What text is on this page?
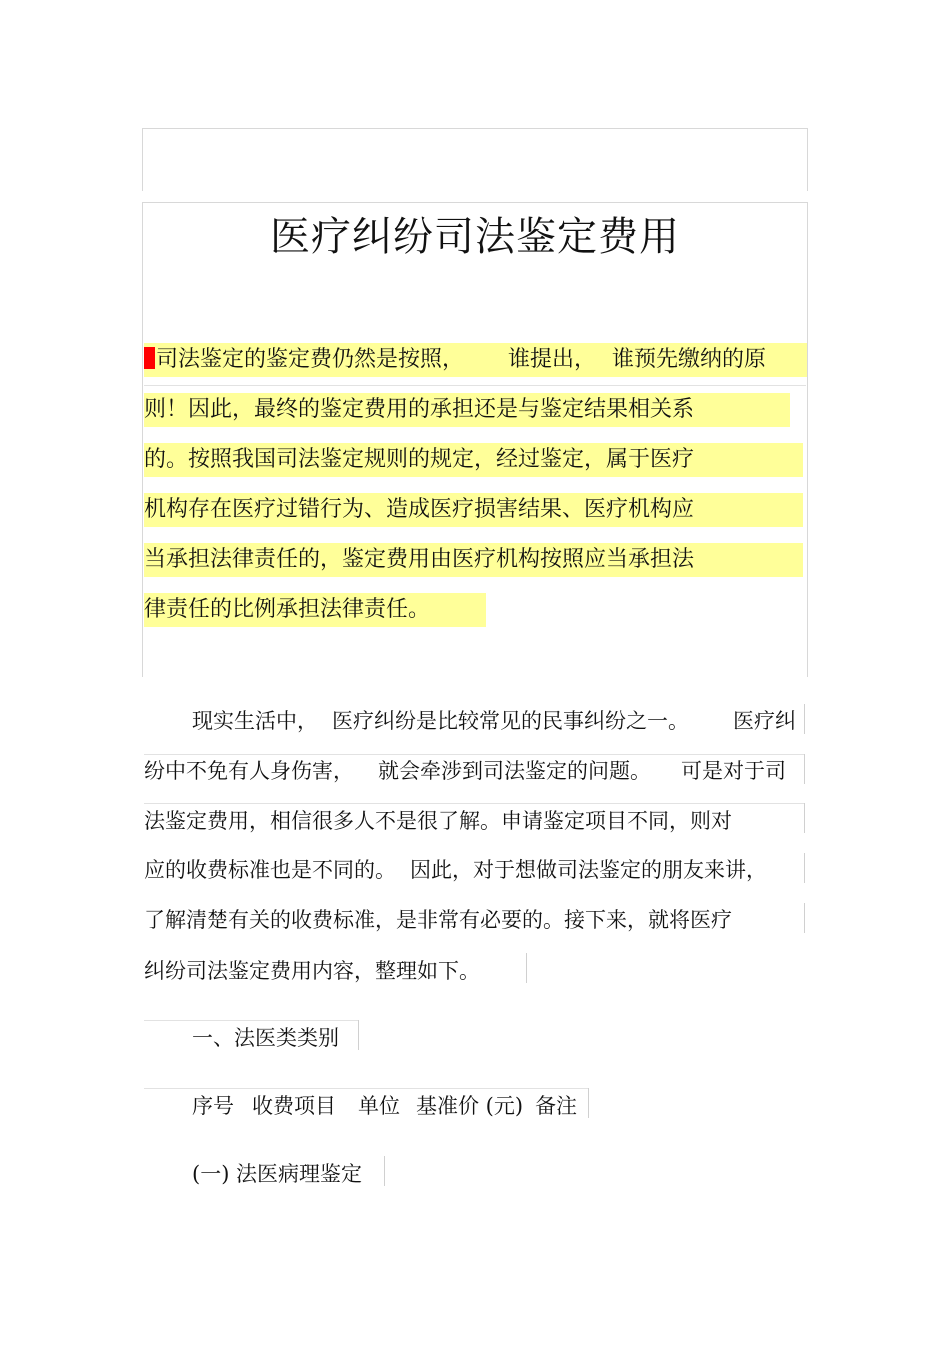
医疗纠纷司法鉴定费用
司法鉴定的鉴定费仍然是按照， 谁提出， 谁预先缴纳的原
则！因此，最终的鉴定费用的承担还是与鉴定结果相关系
的。按照我国司法鉴定规则的规定，经过鉴定，属于医疗
机构存在医疗过错行为、造成医疗损害结果、医疗机构应
当承担法律责任的，鉴定费用由医疗机构按照应当承担法
律责任的比例承担法律责任。
现实生活中， 医疗纠纷是比较常见的民事纠纷之一。 医疗纠
纷中不免有人身伤害， 就会牵涉到司法鉴定的问题。 可是对于司
法鉴定费用，相信很多人不是很了解。申请鉴定项目不同，则对
应的收费标准也是不同的。 因此，对于想做司法鉴定的朋友来讲，
了解清楚有关的收费标准，是非常有必要的。接下来，就将医疗
纠纷司法鉴定费用内容，整理如下。
一、法医类类别
序号 收费项目 单位 基准价 (元) 备注
(一) 法医病理鉴定
